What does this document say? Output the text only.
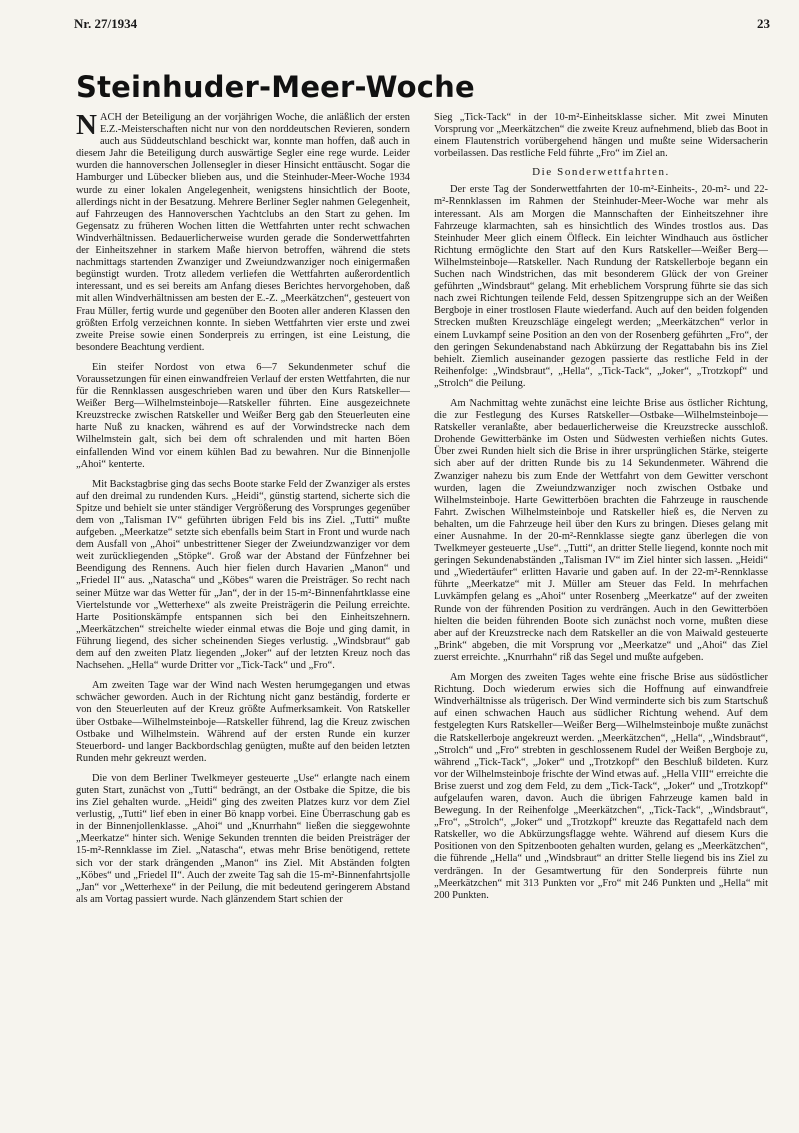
Nr. 27/1934	23
Steinhuder-Meer-Woche

NACH der Beteiligung an der vorjährigen Woche, die anläßlich der ersten E.Z.-Meisterschaften nicht nur von den norddeutschen Revieren, sondern auch aus Süddeutschland beschickt war, konnte man hoffen, daß auch in diesem Jahr die Beteiligung durch auswärtige Segler eine rege wurde. Leider wurden die hannoverschen Jollensegler in dieser Hinsicht enttäuscht. Sogar die Hamburger und Lübecker blieben aus, und die Steinhuder-Meer-Woche 1934 wurde zu einer lokalen Angelegenheit, wenigstens hinsichtlich der Boote, allerdings nicht in der Besatzung. Mehrere Berliner Segler nahmen Gelegenheit, auf Fahrzeugen des Hannoverschen Yachtclubs an den Start zu gehen. Im Gegensatz zu früheren Wochen litten die Wettfahrten unter recht schwachen Windverhältnissen. Bedauerlicherweise wurden gerade die Sonderwettfahrten der Einheitszehner in starkem Maße hiervon betroffen, während die stets nachmittags startenden Zwanziger und Zweiundzwanziger noch einigermaßen begünstigt wurden. Trotz alledem verliefen die Wettfahrten außerordentlich interessant, und es sei bereits am Anfang dieses Berichtes hervorgehoben, daß mit allen Windverhältnissen am besten der E.-Z. „Meerkätzchen“, gesteuert von Frau Müller, fertig wurde und gegenüber den Booten aller anderen Klassen den größten Erfolg verzeichnen konnte. In sieben Wettfahrten vier erste und zwei zweite Preise sowie einen Sonderpreis zu erringen, ist eine Leistung, die besondere Beachtung verdient.

Ein steifer Nordost von etwa 6—7 Sekundenmeter schuf die Voraussetzungen für einen einwandfreien Verlauf der ersten Wettfahrten, die nur für die Rennklassen ausgeschrieben waren und über den Kurs Ratskeller—Weißer Berg—Wilhelmsteinboje—Ratskeller führten. Eine ausgezeichnete Kreuzstrecke zwischen Ratskeller und Weißer Berg gab den Steuerleuten eine harte Nuß zu knacken, während es auf der Vorwindstrecke nach dem Wilhelmstein galt, sich bei dem oft schralenden und mit harten Böen einfallenden Wind vor einem kühlen Bad zu bewahren. Nur die Binnenjolle „Ahoi“ kenterte.

Mit Backstagbrise ging das sechs Boote starke Feld der Zwanziger als erstes auf den dreimal zu rundenden Kurs. „Heidi“, günstig startend, sicherte sich die Spitze und behielt sie unter ständiger Vergrößerung des Vorsprunges gegenüber dem von „Talisman IV“ geführten übrigen Feld bis ins Ziel. „Tutti“ mußte aufgeben. „Meerkatze“ setzte sich ebenfalls beim Start in Front und wurde nach dem Ausfall von „Ahoi“ unbestrittener Sieger der Zweiundzwanziger vor dem weit zurückliegenden „Stöpke“. Groß war der Abstand der Fünfzehner bei Beendigung des Rennens. Auch hier fielen durch Havarien „Manon“ und „Friedel II“ aus. „Natascha“ und „Köbes“ waren die Preisträger. So recht nach seiner Mütze war das Wetter für „Jan“, der in der 15-m²-Binnenfahrtklasse eine Viertelstunde vor „Wetterhexe“ als zweite Preisträgerin die Peilung erreichte. Harte Positionskämpfe entspannen sich bei den Einheitszehnern. „Meerkätzchen“ streichelte wieder einmal etwas die Boje und ging damit, in Führung liegend, des sicher scheinenden Sieges verlustig. „Windsbraut“ gab dem auf den zweiten Platz liegenden „Joker“ auf der letzten Kreuz noch das Nachsehen. „Hella“ wurde Dritter vor „Tick-Tack“ und „Fro“.

Am zweiten Tage war der Wind nach Westen herumgegangen und etwas schwächer geworden. Auch in der Richtung nicht ganz beständig, forderte er von den Steuerleuten auf der Kreuz größte Aufmerksamkeit. Von Ratskeller über Ostbake—Wilhelmsteinboje—Ratskeller führend, lag die Kreuz zwischen Ostbake und Wilhelmstein. Während auf der ersten Runde ein kurzer Steuerbord- und langer Backbordschlag genügten, mußte auf den beiden letzten Runden mehr gekreuzt werden.

Die von dem Berliner Twelkmeyer gesteuerte „Use“ erlangte nach einem guten Start, zunächst von „Tutti“ bedrängt, an der Ostbake die Spitze, die bis ins Ziel gehalten wurde. „Heidi“ ging des zweiten Platzes kurz vor dem Ziel verlustig, „Tutti“ lief eben in einer Bö knapp vorbei. Eine Überraschung gab es in der Binnenjollenklasse. „Ahoi“ und „Knurrhahn“ ließen die sieggewohnte „Meerkatze“ hinter sich. Wenige Sekunden trennten die beiden Preisträger der 15-m²-Rennklasse im Ziel. „Natascha“, etwas mehr Brise benötigend, rettete sich vor der stark drängenden „Manon“ ins Ziel. Mit Abständen folgten „Köbes“ und „Friedel II“. Auch der zweite Tag sah die 15-m²-Binnenfahrtsjolle „Jan“ vor „Wetterhexe“ in der Peilung, die mit bedeutend geringerem Abstand als am Vortag passiert wurde. Nach glänzendem Start schien der

Sieg „Tick-Tack“ in der 10-m²-Einheitsklasse sicher. Mit zwei Minuten Vorsprung vor „Meerkätzchen“ die zweite Kreuz aufnehmend, blieb das Boot in einem Flautenstrich vorübergehend hängen und mußte seine Widersacherin vorbeilassen. Das restliche Feld führte „Fro“ im Ziel an.

Die Sonderwettfahrten.

Der erste Tag der Sonderwettfahrten der 10-m²-Einheits-, 20-m²- und 22-m²-Rennklassen im Rahmen der Steinhuder-Meer-Woche war mehr als interessant. Als am Morgen die Mannschaften der Einheitszehner ihre Fahrzeuge klarmachten, sah es hinsichtlich des Windes trostlos aus. Das Steinhuder Meer glich einem Ölfleck. Ein leichter Windhauch aus östlicher Richtung ermöglichte den Start auf den Kurs Ratskeller—Weißer Berg—Wilhelmsteinboje—Ratskeller. Nach Rundung der Ratskellerboje begann ein Suchen nach Windstrichen, das mit besonderem Glück der von Greiner geführten „Windsbraut“ gelang. Mit erheblichem Vorsprung führte sie das sich nach zwei Richtungen teilende Feld, dessen Spitzengruppe sich an der Weißen Bergboje in einer trostlosen Flaute wiederfand. Auch auf den beiden folgenden Strecken mußten Kreuzschläge eingelegt werden; „Meerkätzchen“ verlor in einem Luvkampf seine Position an den von der Rosenberg geführten „Fro“, der den geringen Sekundenabstand nach Abkürzung der Regattabahn bis ins Ziel behielt. Ziemlich auseinander gezogen passierte das restliche Feld in der Reihenfolge: „Windsbraut“, „Hella“, „Tick-Tack“, „Joker“, „Trotzkopf“ und „Strolch“ die Peilung.

Am Nachmittag wehte zunächst eine leichte Brise aus östlicher Richtung, die zur Festlegung des Kurses Ratskeller—Ostbake—Wilhelmsteinboje—Ratskeller veranlaßte, aber bedauerlicherweise die Kreuzstrecke ausschloß. Drohende Gewitterbänke im Osten und Südwesten verhießen nichts Gutes. Über zwei Runden hielt sich die Brise in ihrer ursprünglichen Stärke, steigerte sich aber auf der dritten Runde bis zu 14 Sekundenmeter. Während die Zwanziger nahezu bis zum Ende der Wettfahrt von dem Gewitter verschont wurden, lagen die Zweiundzwanziger noch zwischen Ostbake und Wilhelmsteinboje. Harte Gewitterböen brachten die Fahrzeuge in rauschende Fahrt. Zwischen Wilhelmsteinboje und Ratskeller hieß es, die Nerven zu behalten, um die Fahrzeuge heil über den Kurs zu bringen. Dieses gelang mit einer Ausnahme. In der 20-m²-Rennklasse siegte ganz überlegen die von Twelkmeyer gesteuerte „Use“. „Tutti“, an dritter Stelle liegend, konnte noch mit geringen Sekundenabständen „Talisman IV“ im Ziel hinter sich lassen. „Heidi“ und „Wiedertäufer“ erlitten Havarie und gaben auf. In der 22-m²-Rennklasse führte „Meerkatze“ mit J. Müller am Steuer das Feld. In mehrfachen Luvkämpfen gelang es „Ahoi“ unter Rosenberg „Meerkatze“ auf der zweiten Runde von der führenden Position zu verdrängen. Auch in den Gewitterböen hielten die beiden führenden Boote sich zunächst noch vorne, mußten diese aber auf der Kreuzstrecke nach dem Ratskeller an die von Maiwald gesteuerte „Brink“ abgeben, die mit Vorsprung vor „Meerkatze“ und „Ahoi“ das Ziel zuerst erreichte. „Knurrhahn“ riß das Segel und mußte aufgeben.

Am Morgen des zweiten Tages wehte eine frische Brise aus südöstlicher Richtung. Doch wiederum erwies sich die Hoffnung auf einwandfreie Windverhältnisse als trügerisch. Der Wind verminderte sich bis zum Startschuß auf einen schwachen Hauch aus südlicher Richtung wehend. Auf dem festgelegten Kurs Ratskeller—Weißer Berg—Wilhelmsteinboje mußte zunächst die Ratskellerboje angekreuzt werden. „Meerkätzchen“, „Hella“, „Windsbraut“, „Strolch“ und „Fro“ strebten in geschlossenem Rudel der Weißen Bergboje zu, während „Tick-Tack“, „Joker“ und „Trotzkopf“ den Beschluß bildeten. Kurz vor der Wilhelmsteinboje frischte der Wind etwas auf. „Hella VIII“ erreichte die Brise zuerst und zog dem Feld, zu dem „Tick-Tack“, „Joker“ und „Trotzkopf“ aufgelaufen waren, davon. Auch die übrigen Fahrzeuge kamen bald in Bewegung. In der Reihenfolge „Meerkätzchen“, „Tick-Tack“, „Windsbraut“, „Fro“, „Strolch“, „Joker“ und „Trotzkopf“ kreuzte das Regattafeld nach dem Ratskeller, wo die Abkürzungsflagge wehte. Während auf diesem Kurs die Positionen von den Spitzenbooten gehalten wurden, gelang es „Meerkätzchen“, die führende „Hella“ und „Windsbraut“ an dritter Stelle liegend bis ins Ziel zu verdrängen. In der Gesamtwertung für den Sonderpreis führte nun „Meerkätzchen“ mit 313 Punkten vor „Fro“ mit 246 Punkten und „Hella“ mit 200 Punkten.
